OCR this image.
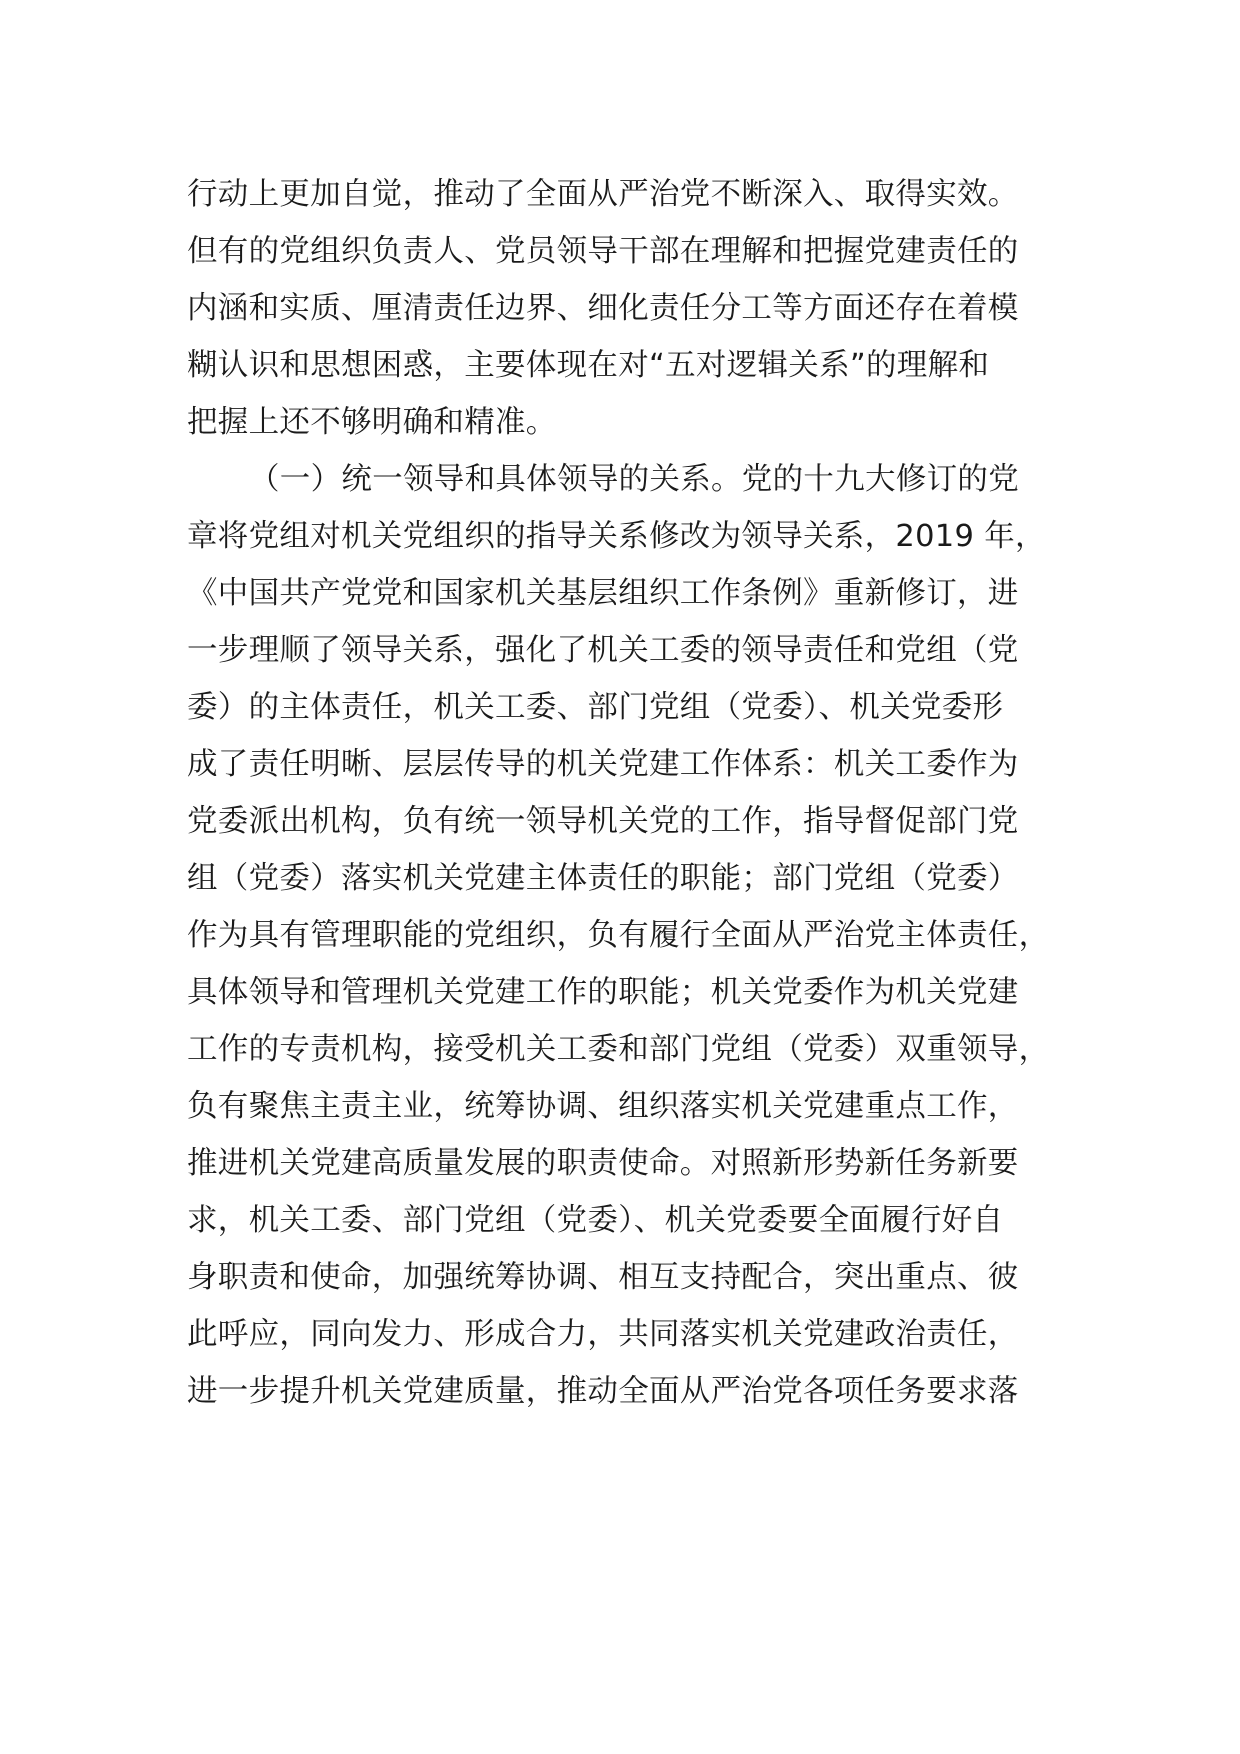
行动上更加自觉，推动了全面从严治党不断深入、取得实效。
但有的党组织负责人、党员领导干部在理解和把握党建责任的
内涵和实质、厘清责任边界、细化责任分工等方面还存在着模
糊认识和思想困惑，主要体现在对“五对逻辑关系”的理解和
把握上还不够明确和精准。
（一）统一领导和具体领导的关系。党的十九大修订的党
章将党组对机关党组织的指导关系修改为领导关系，2019 年，
《中国共产党党和国家机关基层组织工作条例》重新修订，进
一步理顺了领导关系，强化了机关工委的领导责任和党组（党
委）的主体责任，机关工委、部门党组（党委）、机关党委形
成了责任明晰、层层传导的机关党建工作体系：机关工委作为
党委派出机构，负有统一领导机关党的工作，指导督促部门党
组（党委）落实机关党建主体责任的职能；部门党组（党委）
作为具有管理职能的党组织，负有履行全面从严治党主体责任，
具体领导和管理机关党建工作的职能；机关党委作为机关党建
工作的专责机构，接受机关工委和部门党组（党委）双重领导，
负有聚焦主责主业，统筹协调、组织落实机关党建重点工作，
推进机关党建高质量发展的职责使命。对照新形势新任务新要
求，机关工委、部门党组（党委）、机关党委要全面履行好自
身职责和使命，加强统筹协调、相互支持配合，突出重点、彼
此呼应，同向发力、形成合力，共同落实机关党建政治责任，
进一步提升机关党建质量，推动全面从严治党各项任务要求落
